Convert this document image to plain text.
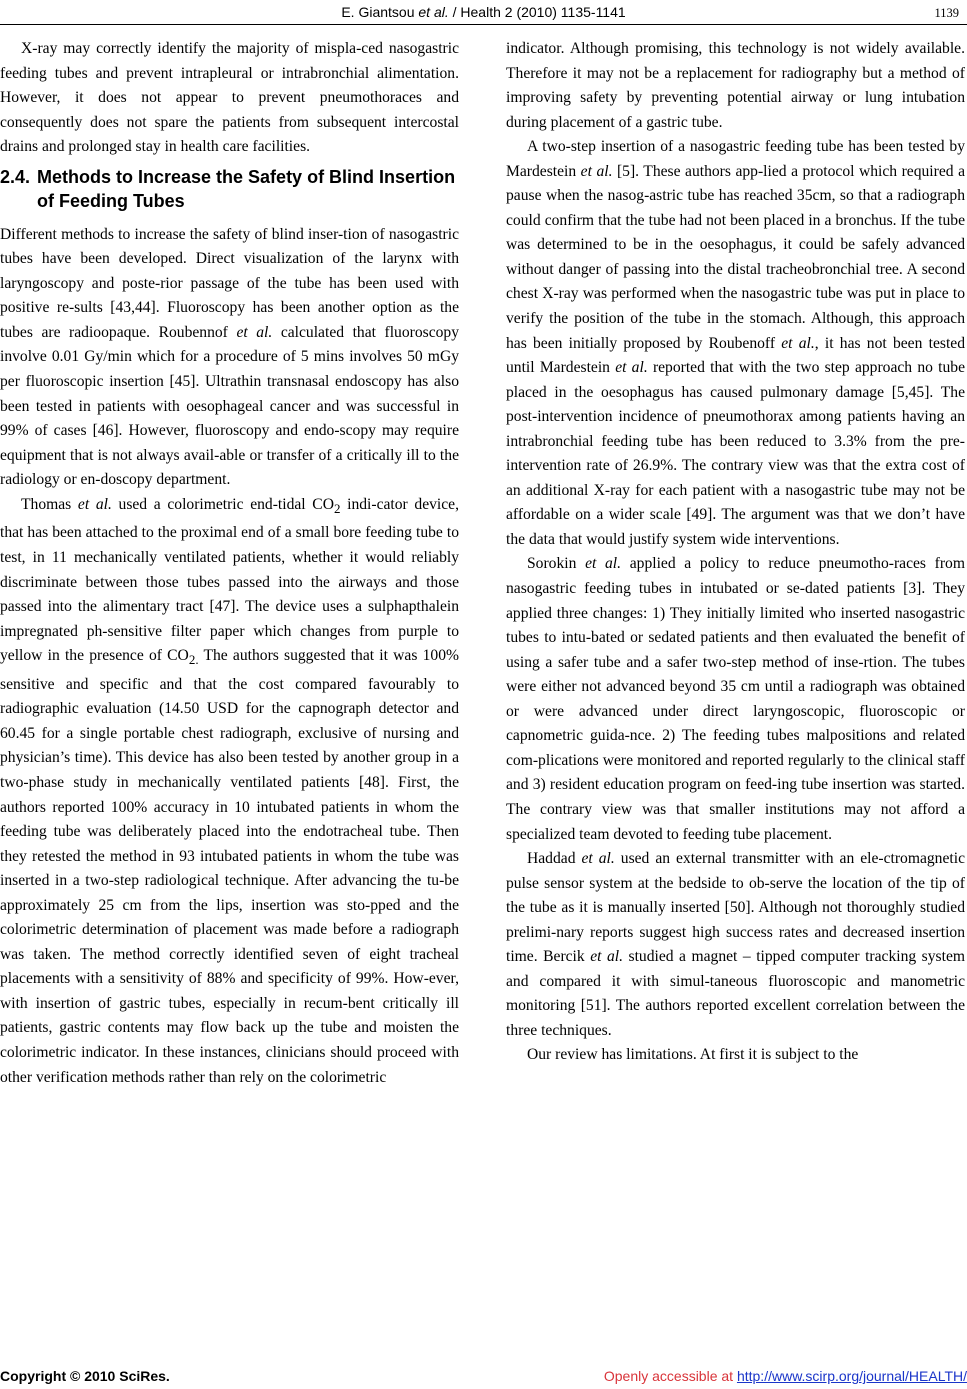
E. Giantsou et al. / Health 2 (2010) 1135-1141	1139

X-ray may correctly identify the majority of mispla-ced nasogastric feeding tubes and prevent intrapleural or intrabronchial alimentation. However, it does not appear to prevent pneumothoraces and consequently does not spare the patients from subsequent intercostal drains and prolonged stay in health care facilities.

2.4. Methods to Increase the Safety of Blind Insertion of Feeding Tubes

Different methods to increase the safety of blind inser-tion of nasogastric tubes have been developed. Direct visualization of the larynx with laryngoscopy and poste-rior passage of the tube has been used with positive re-sults [43,44]. Fluoroscopy has been another option as the tubes are radioopaque. Roubennof et al. calculated that fluoroscopy involve 0.01 Gy/min which for a procedure of 5 mins involves 50 mGy per fluoroscopic insertion [45]. Ultrathin transnasal endoscopy has also been tested in patients with oesophageal cancer and was successful in 99% of cases [46]. However, fluoroscopy and endo-scopy may require equipment that is not always avail-able or transfer of a critically ill to the radiology or en-doscopy department.

Thomas et al. used a colorimetric end-tidal $CO_2$ indi-cator device, that has been attached to the proximal end of a small bore feeding tube to test, in 11 mechanically ventilated patients, whether it would reliably discriminate between those tubes passed into the airways and those passed into the alimentary tract [47]. The device uses a sulphapthalein impregnated ph-sensitive filter paper which changes from purple to yellow in the presence of $CO_{2.}$ The authors suggested that it was 100% sensitive and specific and that the cost compared favourably to radiographic evaluation (14.50 USD for the capnograph detector and 60.45 for a single portable chest radiograph, exclusive of nursing and physician’s time). This device has also been tested by another group in a two-phase study in mechanically ventilated patients [48]. First, the authors reported 100% accuracy in 10 intubated patients in whom the feeding tube was deliberately placed into the endotracheal tube. Then they retested the method in 93 intubated patients in whom the tube was inserted in a two-step radiological technique. After advancing the tu-be approximately 25 cm from the lips, insertion was sto-pped and the colorimetric determination of placement was made before a radiograph was taken. The method correctly identified seven of eight tracheal placements with a sensitivity of 88% and specificity of 99%. How-ever, with insertion of gastric tubes, especially in recum-bent critically ill patients, gastric contents may flow back up the tube and moisten the colorimetric indicator. In these instances, clinicians should proceed with other verification methods rather than rely on the colorimetric

indicator. Although promising, this technology is not widely available. Therefore it may not be a replacement for radiography but a method of improving safety by preventing potential airway or lung intubation during placement of a gastric tube.

A two-step insertion of a nasogastric feeding tube has been tested by Mardestein et al. [5]. These authors app-lied a protocol which required a pause when the nasog-astric tube has reached 35cm, so that a radiograph could confirm that the tube had not been placed in a bronchus. If the tube was determined to be in the oesophagus, it could be safely advanced without danger of passing into the distal tracheobronchial tree. A second chest X-ray was performed when the nasogastric tube was put in place to verify the position of the tube in the stomach. Although, this approach has been initially proposed by Roubenoff et al., it has not been tested until Mardestein et al. reported that with the two step approach no tube placed in the oesophagus has caused pulmonary damage [5,45]. The post-intervention incidence of pneumothorax among patients having an intrabronchial feeding tube has been reduced to 3.3% from the pre-intervention rate of 26.9%. The contrary view was that the extra cost of an additional X-ray for each patient with a nasogastric tube may not be affordable on a wider scale [49]. The argument was that we don’t have the data that would justify system wide interventions.

Sorokin et al. applied a policy to reduce pneumotho-races from nasogastric feeding tubes in intubated or se-dated patients [3]. They applied three changes: 1) They initially limited who inserted nasogastric tubes to intu-bated or sedated patients and then evaluated the benefit of using a safer tube and a safer two-step method of inse-rtion. The tubes were either not advanced beyond 35 cm until a radiograph was obtained or were advanced under direct laryngoscopic, fluoroscopic or capnometric guida-nce. 2) The feeding tubes malpositions and related com-plications were monitored and reported regularly to the clinical staff and 3) resident education program on feed-ing tube insertion was started. The contrary view was that smaller institutions may not afford a specialized team devoted to feeding tube placement.

Haddad et al. used an external transmitter with an ele-ctromagnetic pulse sensor system at the bedside to ob-serve the location of the tip of the tube as it is manually inserted [50]. Although not thoroughly studied prelimi-nary reports suggest high success rates and decreased insertion time. Bercik et al. studied a magnet – tipped computer tracking system and compared it with simul-taneous fluoroscopic and manometric monitoring [51]. The authors reported excellent correlation between the three techniques.

Our review has limitations. At first it is subject to the

Copyright © 2010 SciRes.	Openly accessible at http://www.scirp.org/journal/HEALTH/
